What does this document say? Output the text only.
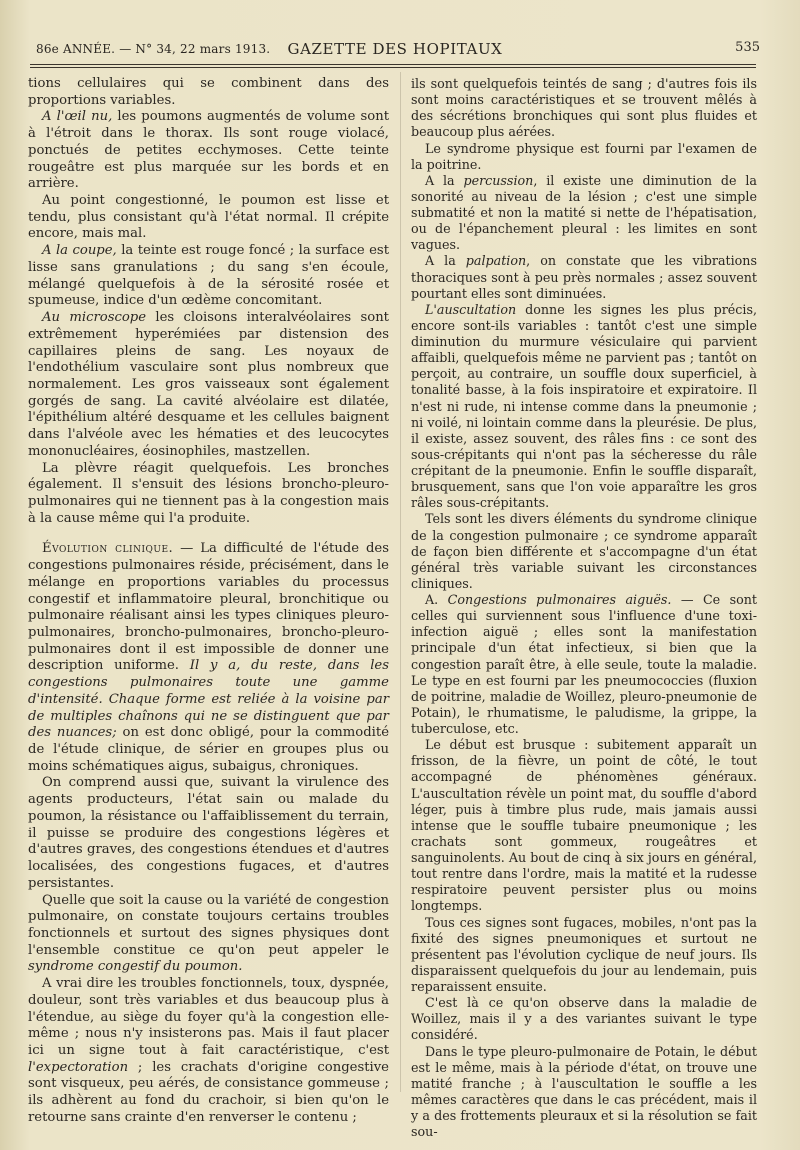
86e ANNÉE. — N° 34, 22 mars 1913.	GAZETTE DES HOPITAUX	535

tions cellulaires qui se combinent dans des proportions variables.

A l'œil nu, les poumons augmentés de volume sont à l'étroit dans le thorax. Ils sont rouge violacé, ponctués de petites ecchymoses. Cette teinte rougeâtre est plus marquée sur les bords et en arrière.

Au point congestionné, le poumon est lisse et tendu, plus consistant qu'à l'état normal. Il crépite encore, mais mal.

A la coupe, la teinte est rouge foncé ; la surface est lisse sans granulations ; du sang s'en écoule, mélangé quelquefois à de la sérosité rosée et spumeuse, indice d'un œdème concomitant.

Au microscope les cloisons interalvéolaires sont extrêmement hyperémiées par distension des capillaires pleins de sang. Les noyaux de l'endothélium vasculaire sont plus nombreux que normalement. Les gros vaisseaux sont également gorgés de sang. La cavité alvéolaire est dilatée, l'épithélium altéré desquame et les cellules baignent dans l'alvéole avec les hématies et des leucocytes mononucléaires, éosinophiles, mastzellen.

La plèvre réagit quelquefois. Les bronches également. Il s'ensuit des lésions broncho-pleuro-pulmonaires qui ne tiennent pas à la congestion mais à la cause même qui l'a produite.

Évolution clinique. — La difficulté de l'étude des congestions pulmonaires réside, précisément, dans le mélange en proportions variables du processus congestif et inflammatoire pleural, bronchitique ou pulmonaire réalisant ainsi les types cliniques pleuro-pulmonaires, broncho-pulmonaires, broncho-pleuro-pulmonaires dont il est impossible de donner une description uniforme. Il y a, du reste, dans les congestions pulmonaires toute une gamme d'intensité. Chaque forme est reliée à la voisine par de multiples chaînons qui ne se distinguent que par des nuances; on est donc obligé, pour la commodité de l'étude clinique, de sérier en groupes plus ou moins schématiques aigus, subaigus, chroniques.

On comprend aussi que, suivant la virulence des agents producteurs, l'état sain ou malade du poumon, la résistance ou l'affaiblissement du terrain, il puisse se produire des congestions légères et d'autres graves, des congestions étendues et d'autres localisées, des congestions fugaces, et d'autres persistantes.

Quelle que soit la cause ou la variété de congestion pulmonaire, on constate toujours certains troubles fonctionnels et surtout des signes physiques dont l'ensemble constitue ce qu'on peut appeler le syndrome congestif du poumon.

A vrai dire les troubles fonctionnels, toux, dyspnée, douleur, sont très variables et dus beaucoup plus à l'étendue, au siège du foyer qu'à la congestion elle-même ; nous n'y insisterons pas. Mais il faut placer ici un signe tout à fait caractéristique, c'est l'expectoration ; les crachats d'origine congestive sont visqueux, peu aérés, de consistance gommeuse ; ils adhèrent au fond du crachoir, si bien qu'on le retourne sans crainte d'en renverser le contenu ;

ils sont quelquefois teintés de sang ; d'autres fois ils sont moins caractéristiques et se trouvent mêlés à des sécrétions bronchiques qui sont plus fluides et beaucoup plus aérées.

Le syndrome physique est fourni par l'examen de la poitrine.

A la percussion, il existe une diminution de la sonorité au niveau de la lésion ; c'est une simple submatité et non la matité si nette de l'hépatisation, ou de l'épanchement pleural : les limites en sont vagues.

A la palpation, on constate que les vibrations thoraciques sont à peu près normales ; assez souvent pourtant elles sont diminuées.

L'auscultation donne les signes les plus précis, encore sont-ils variables : tantôt c'est une simple diminution du murmure vésiculaire qui parvient affaibli, quelquefois même ne parvient pas ; tantôt on perçoit, au contraire, un souffle doux superficiel, à tonalité basse, à la fois inspiratoire et expiratoire. Il n'est ni rude, ni intense comme dans la pneumonie ; ni voilé, ni lointain comme dans la pleurésie. De plus, il existe, assez souvent, des râles fins : ce sont des sous-crépitants qui n'ont pas la sécheresse du râle crépitant de la pneumonie. Enfin le souffle disparaît, brusquement, sans que l'on voie apparaître les gros râles sous-crépitants.

Tels sont les divers éléments du syndrome clinique de la congestion pulmonaire ; ce syndrome apparaît de façon bien différente et s'accompagne d'un état général très variable suivant les circonstances cliniques.

A. Congestions pulmonaires aiguës. — Ce sont celles qui surviennent sous l'influence d'une toxi-infection aiguë ; elles sont la manifestation principale d'un état infectieux, si bien que la congestion paraît être, à elle seule, toute la maladie. Le type en est fourni par les pneumococcies (fluxion de poitrine, maladie de Woillez, pleuro-pneumonie de Potain), le rhumatisme, le paludisme, la grippe, la tuberculose, etc.

Le début est brusque : subitement apparaît un frisson, de la fièvre, un point de côté, le tout accompagné de phénomènes généraux. L'auscultation révèle un point mat, du souffle d'abord léger, puis à timbre plus rude, mais jamais aussi intense que le souffle tubaire pneumonique ; les crachats sont gommeux, rougeâtres et sanguinolents. Au bout de cinq à six jours en général, tout rentre dans l'ordre, mais la matité et la rudesse respiratoire peuvent persister plus ou moins longtemps.

Tous ces signes sont fugaces, mobiles, n'ont pas la fixité des signes pneumoniques et surtout ne présentent pas l'évolution cyclique de neuf jours. Ils disparaissent quelquefois du jour au lendemain, puis reparaissent ensuite.

C'est là ce qu'on observe dans la maladie de Woillez, mais il y a des variantes suivant le type considéré.

Dans le type pleuro-pulmonaire de Potain, le début est le même, mais à la période d'état, on trouve une matité franche ; à l'auscultation le souffle a les mêmes caractères que dans le cas précédent, mais il y a des frottements pleuraux et si la résolution se fait sou-
